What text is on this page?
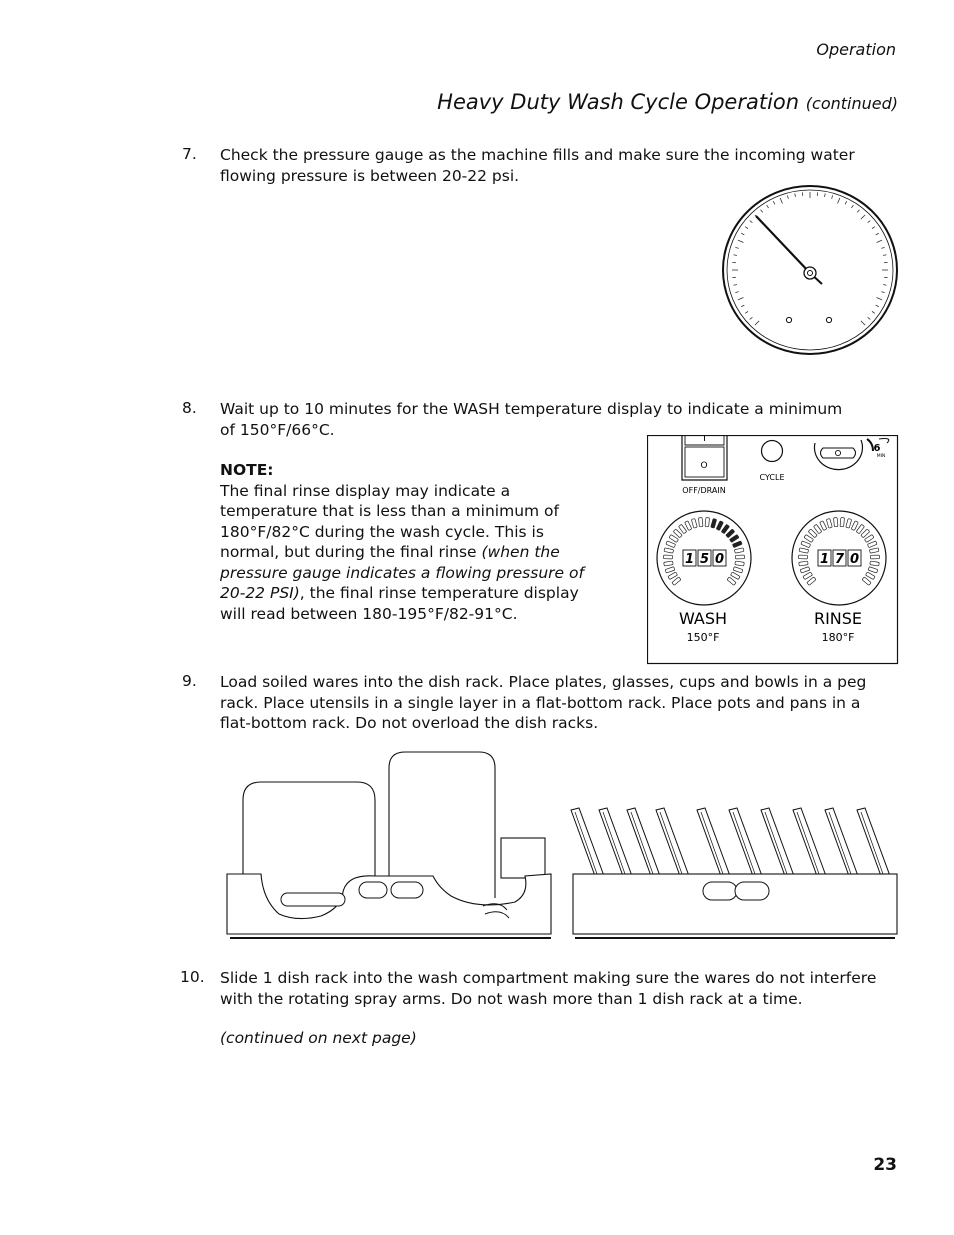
Operation
Heavy Duty Wash Cycle Operation (continued)
7. Check the pressure gauge as the machine fills and make sure the incoming water flowing pressure is between 20-22 psi.
8. Wait up to 10 minutes for the WASH temperature display to indicate a minimum of 150°F/66°C.
NOTE:
The final rinse display may indicate a temperature that is less than a minimum of 180°F/82°C during the wash cycle. This is normal, but during the final rinse (when the pressure gauge indicates a flowing pressure of 20-22 PSI), the final rinse temperature display will read between 180-195°F/82-91°C.
O
OFF/DRAIN
CYCLE
6
MIN
1 5 0
WASH
150°F
1 7 0
RINSE
180°F
9. Load soiled wares into the dish rack. Place plates, glasses, cups and bowls in a peg rack. Place utensils in a single layer in a flat-bottom rack. Place pots and pans in a flat-bottom rack. Do not overload the dish racks.
10. Slide 1 dish rack into the wash compartment making sure the wares do not interfere with the rotating spray arms. Do not wash more than 1 dish rack at a time.
(continued on next page)
23
